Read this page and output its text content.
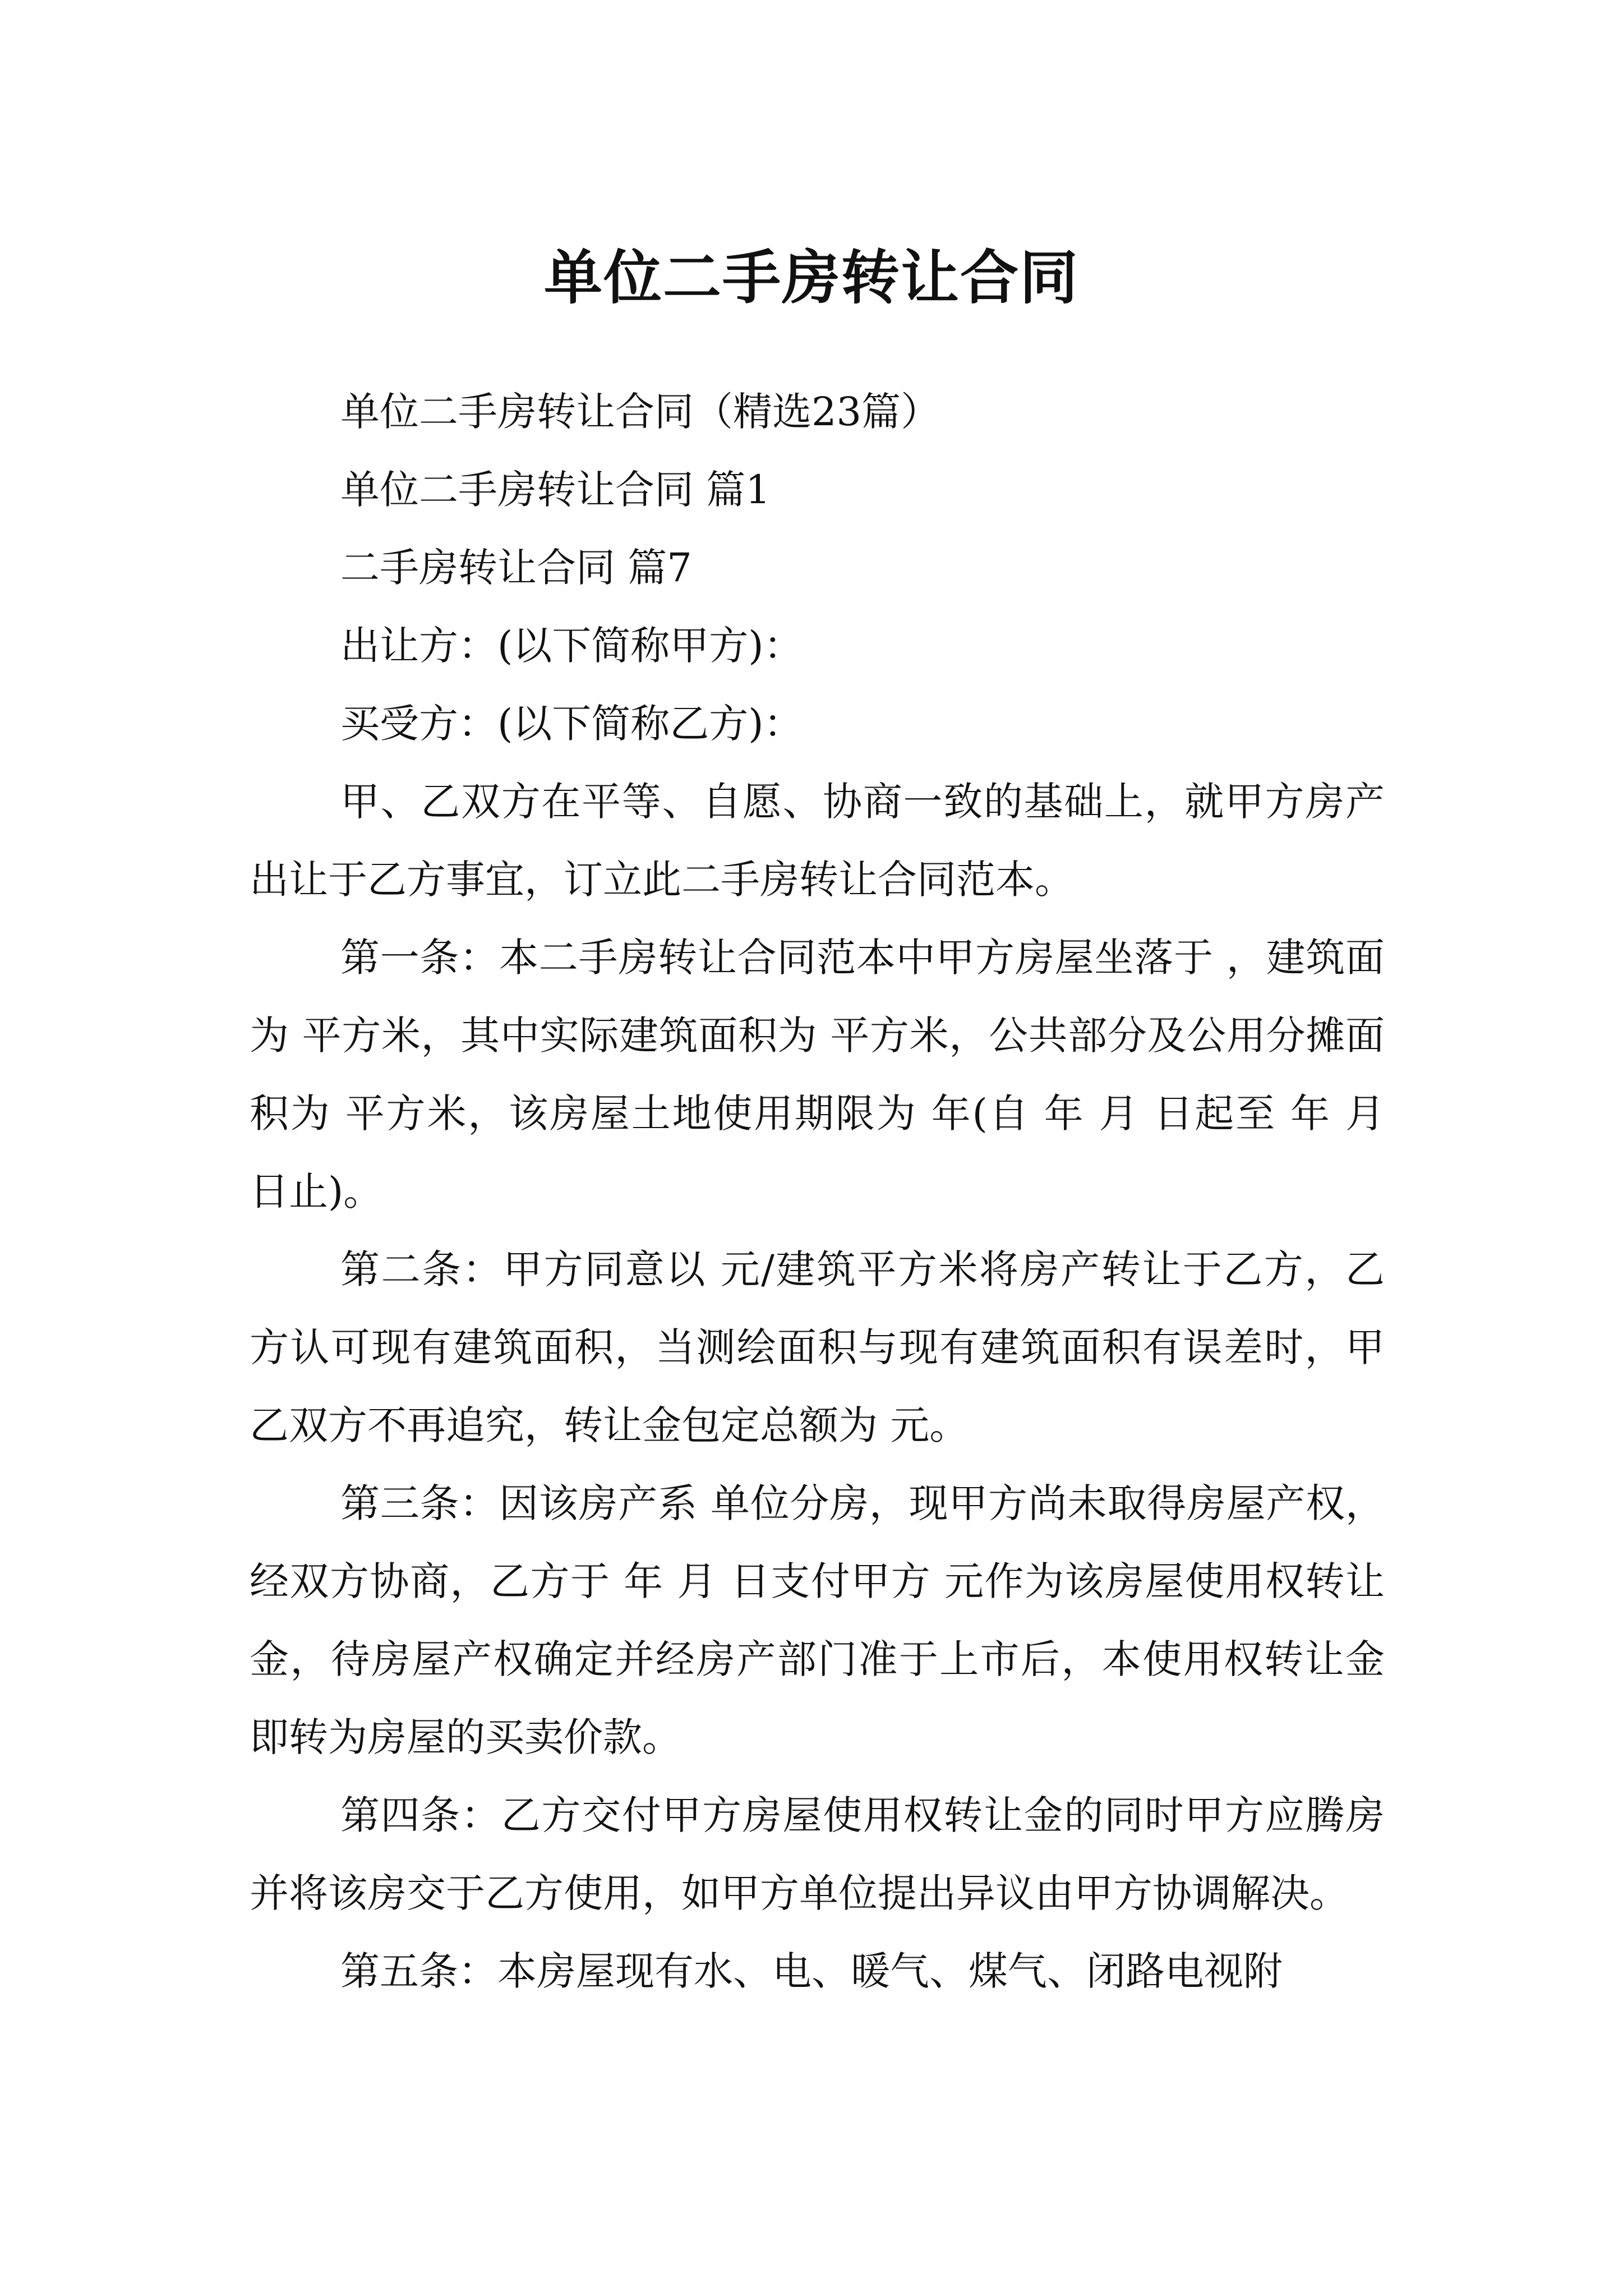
单位二手房转让合同

单位二手房转让合同（精选23篇）

单位二手房转让合同 篇1

二手房转让合同 篇7

出让方：(以下简称甲方)：

买受方：(以下简称乙方)：

甲、乙双方在平等、自愿、协商一致的基础上，就甲方房产出让于乙方事宜，订立此二手房转让合同范本。

第一条：本二手房转让合同范本中甲方房屋坐落于 ，建筑面为 平方米，其中实际建筑面积为 平方米，公共部分及公用分摊面积为 平方米，该房屋土地使用期限为 年(自 年 月 日起至 年 月 日止)。

第二条：甲方同意以 元/建筑平方米将房产转让于乙方，乙方认可现有建筑面积，当测绘面积与现有建筑面积有误差时，甲乙双方不再追究，转让金包定总额为 元。

第三条：因该房产系 单位分房，现甲方尚未取得房屋产权，经双方协商，乙方于 年 月 日支付甲方 元作为该房屋使用权转让金，待房屋产权确定并经房产部门准于上市后，本使用权转让金即转为房屋的买卖价款。

第四条：乙方交付甲方房屋使用权转让金的同时甲方应腾房并将该房交于乙方使用，如甲方单位提出异议由甲方协调解决。

第五条：本房屋现有水、电、暖气、煤气、闭路电视附
